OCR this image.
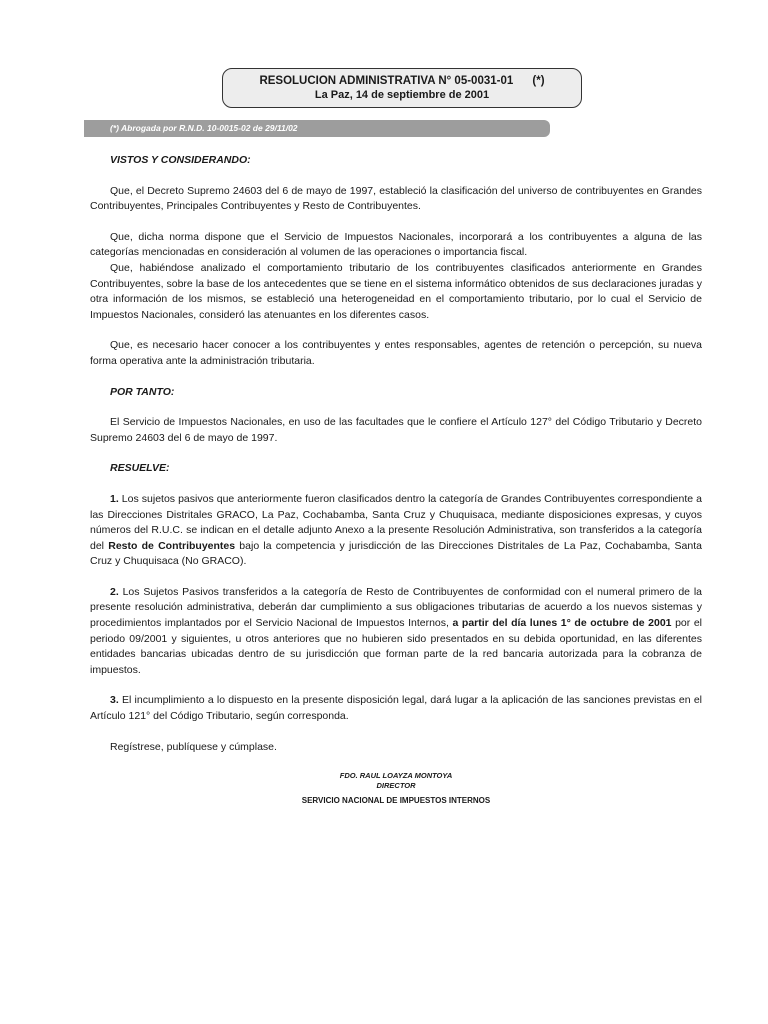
RESOLUCION ADMINISTRATIVA N° 05-0031-01      (*)
La Paz, 14 de septiembre de 2001
(*) Abrogada por R.N.D. 10-0015-02 de 29/11/02

VISTOS Y CONSIDERANDO:

Que, el Decreto Supremo 24603 del 6 de mayo de 1997, estableció la clasificación del universo de contribuyentes en Grandes Contribuyentes, Principales Contribuyentes y Resto de Contribuyentes.

Que, dicha norma dispone que el Servicio de Impuestos Nacionales, incorporará a los contribuyentes a alguna de las categorías mencionadas en consideración al volumen de las operaciones o importancia fiscal.

Que, habiéndose analizado el comportamiento tributario de los contribuyentes clasificados anteriormente en Grandes Contribuyentes, sobre la base de los antecedentes que se tiene en el sistema informático obtenidos de sus declaraciones juradas y otra información de los mismos, se estableció una heterogeneidad en el comportamiento tributario, por lo cual el Servicio de Impuestos Nacionales, consideró las atenuantes en los diferentes casos.

Que, es necesario hacer conocer a los contribuyentes y entes responsables, agentes de retención o percepción, su nueva forma operativa ante la administración tributaria.

POR TANTO:

El Servicio de Impuestos Nacionales, en uso de las facultades que le confiere el Artículo 127° del Código Tributario y Decreto Supremo 24603 del 6 de mayo de 1997.

RESUELVE:

1. Los sujetos pasivos que anteriormente fueron clasificados dentro la categoría de Grandes Contribuyentes correspondiente a las Direcciones Distritales GRACO, La Paz, Cochabamba, Santa Cruz y Chuquisaca, mediante disposiciones expresas, y cuyos números del R.U.C. se indican en el detalle adjunto Anexo a la presente Resolución Administrativa, son transferidos a la categoría del Resto de Contribuyentes bajo la competencia y jurisdicción de las Direcciones Distritales de La Paz, Cochabamba, Santa Cruz y Chuquisaca (No GRACO).

2. Los Sujetos Pasivos transferidos a la categoría de Resto de Contribuyentes de conformidad con el numeral primero de la presente resolución administrativa, deberán dar cumplimiento a sus obligaciones tributarias de acuerdo a los nuevos sistemas y procedimientos implantados por el Servicio Nacional de Impuestos Internos, a partir del día lunes 1° de octubre de 2001 por el periodo 09/2001 y siguientes, u otros anteriores que no hubieren sido presentados en su debida oportunidad, en las diferentes entidades bancarias ubicadas dentro de su jurisdicción que forman parte de la red bancaria autorizada para la cobranza de impuestos.

3. El incumplimiento a lo dispuesto en la presente disposición legal, dará lugar a la aplicación de las sanciones previstas en el Artículo 121° del Código Tributario, según corresponda.

Regístrese, publíquese y cúmplase.

FDO. RAUL LOAYZA MONTOYA
DIRECTOR

SERVICIO NACIONAL DE IMPUESTOS INTERNOS
